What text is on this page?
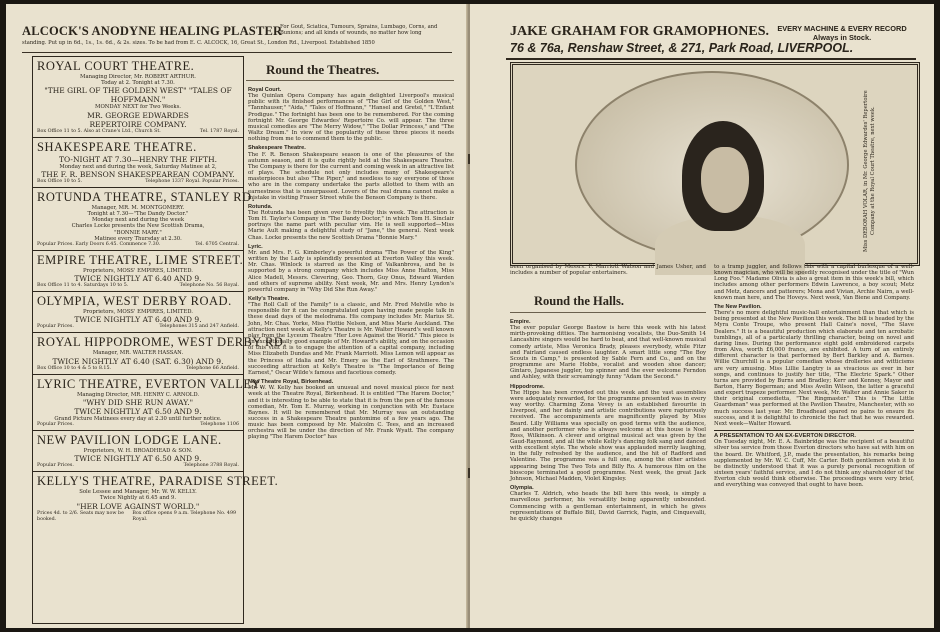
ALCOCK'S ANODYNE HEALING PLASTER
For Gout, Sciatica, Tumours, Sprains, Lumbago, Corns, and Bunions; and all kinds of wounds, no matter how long
standing. Put up in 6d., 1s., 1s. 6d., & 2s. sizes. To be had from E. C. ALCOCK, 16, Great St., London Rd., Liverpool. Established 1850
ROYAL COURT THEATRE.
Managing Director, Mr. ROBERT ARTHUR.
Today at 2. Tonight at 7.30.
"THE GIRL OF THE GOLDEN WEST" "TALES OF HOFFMANN."
MONDAY NEXT for Two Weeks.
MR. GEORGE EDWARDES
REPERTOIRE COMPANY.
Box Office 11 to 5. Also at Crane's Ltd., Church St.	Tel. 1787 Royal.
SHAKESPEARE THEATRE.
TO-NIGHT AT 7.30—HENRY THE FIFTH.
Monday next and during the week, Saturday Matinee at 2,
THE F. R. BENSON SHAKESPEAREAN COMPANY.
Box Office 10 to 5.	Telephone 1337 Royal. Popular Prices.
ROTUNDA THEATRE, STANLEY RD.
Manager, MR. M. MONTGOMERY.
Tonight at 7.30—"The Dandy Doctor."
Monday next and during the week
Charles Locke presents the New Scottish Drama,
"BONNIE MARY."
Matinee every Thursday at 2.30.
Popular Prices. Early Doors 6.45. Commence 7.30.	Tel. 6705 Central.
EMPIRE THEATRE, LIME STREET.
Proprietors, MOSS' EMPIRES, LIMITED.
TWICE NIGHTLY AT 6.40 AND 9.
Box Office 11 to 4. Saturdays 10 to 5.	Telephone No. 56 Royal.
OLYMPIA, WEST DERBY ROAD.
Proprietors, MOSS' EMPIRES, LIMITED.
TWICE NIGHTLY AT 6.40 AND 9.
Popular Prices.	Telephones 315 and 247 Anfield.
ROYAL HIPPODROME, WEST DERBY RD.
Manager, MR. WALTER HASSAN.
TWICE NIGHTLY AT 6.40 (SAT. 6.30) AND 9.
Box Office 10 to 4 & 5 to 8.15.	Telephone 66 Anfield.
LYRIC THEATRE, EVERTON VALLEY.
Managing Director, MR. HENRY C. ARNOLD.
"WHY DID SHE RUN AWAY."
TWICE NIGHTLY AT 6.50 AND 9.
Grand Picture Matinees every day at 2.30 until further notice.
Popular Prices.	Telephone 1106
NEW PAVILION LODGE LANE.
Proprietors, W. H. BROADHEAD & SON.
TWICE NIGHTLY AT 6.50 AND 9.
Popular Prices.	Telephone 3788 Royal.
KELLY'S THEATRE, PARADISE STREET.
Sole Lessee and Manager, Mr. W. W. KELLY.
Twice Nightly at 6.45 and 9.
"HER LOVE AGAINST WORLD."
Prices 4d. to 2/6. Seats may now be booked.
Box office opens 9 a.m. Telephone No. 499 Royal.
Round the Theatres.
Royal Court.
The Quinlan Opera Company has again delighted Liverpool's musical public with its finished performances of "The Girl of the Golden West," "Tannhauser," "Aida," "Tales of Hoffmann," "Hansel and Gretel," "L'Enfant Prodigue." The fortnight has been one to be remembered. For the coming fortnight Mr. George Edwardes' Repertoire Co. will appear. The three musical comedies are "The Merry Widow," "The Dollar Princess," and "The Waltz Dream." In view of the popularity of these three pieces it needs nothing from me to commend them to the public.
Shakespeare Theatre.
The F. R. Benson Shakespeare season is one of the pleasures of the autumn season, and it is quite rightly held at the Shakespeare Theatre. The Company is there for the current and coming week in an attractive list of plays. The schedule not only includes many of Shakespeare's masterpieces but also "The Piper," and needless to say everyone of those who are in the company undertake the parts allotted to them with an earnestness that is unsurpassed. Lovers of the real drama cannot make a mistake in visiting Fraser Street while the Benson Company is there.
Rotunda.
The Rotunda has been given over to frivolity this week. The attraction is Tom H. Taylor's Company in "The Dandy Doctor," in which Tom H. Sinclair portrays the name part with peculiar vim. He is well supported—Miss Marie Ault making a delightful study of "Jane," the general. Next week Chas. Locke presents the new Scottish Drama "Bonnie Mary."
Lyric.
Mr. and Mrs. F. G. Kimberley's powerful drama "The Power of the King" written by the Lady is splendidly presented at Everton Valley this week. Mr. Chas. Winlock is starred as the King of Valkanbrova, and he is supported by a strong company which includes Miss Anne Halton, Miss Alice Madell, Messrs. Clevering, Geo. Thorn, Guy Onus, Edward Warden and others of supreme ability. Next week, Mr. and Mrs. Henry Lyndon's powerful company in "Why Did She Run Away."
Kelly's Theatre.
"The Roll Call of the Family" is a classic, and Mr. Fred Melville who is responsible for it can be congratulated upon having made people talk in these dead days of the melodrama. His company includes Mr. Marius St. John, Mr. Chas. Yorke, Miss Flottie Nelson, and Miss Marie Auckland. The attraction next week at Kelly's Theatre is Mr. Walter Howard's well known play from the Lyceum Theatre "Her Love Against the World." This piece is an exceptionally good example of Mr. Howard's ability, and on the occasion of this visit it is to engage the attention of a capital company, including Miss Elizabeth Dundas and Mr. Frank Marriott. Miss Lemon will appear as the Princess of Idalia and Mr. Emery as the Earl of Strathmere. The succeeding attraction at Kelly's Theatre is "The Importance of Being Earnest," Oscar Wilde's famous and facetious comedy.
New Theatre Royal, Birkenhead.
Mr. W. W. Kelly has booked an unusual and novel musical piece for next week at the Theatre Royal, Birkenhead. It is entitled "The Harem Doctor," and it is interesting to be able to state that it is from the pen of the famous comedian, Mr. Tom E. Murray, working in conjunction with Mr. Eustace Baynes. It will be remembered that Mr. Murray was an outstanding success in a Shakespeare Theatre pantomime of a few years ago. The music has been composed by Mr. Malcolm C. Tees, and an increased orchestra will be under the direction of Mr. Frank Wyatt. The company playing "The Harem Doctor" has
JAKE GRAHAM FOR GRAMOPHONES.
76 & 76a, Renshaw Street, & 271, Park Road, LIVERPOOL.
EVERY MACHINE & EVERY RECORD Always in Stock.
Miss DEBORAH VOLAR, in Mr. George Edwardes' Repertoire Company at the Royal Court Theatre, next week.
been organised by Messrs. F. Marriott Watson and James Usher, and includes a number of popular entertainers.
Round the Halls.
Empire.
The ever popular George Bastow is here this week with his latest mirth-provoking ditties. The harmonising vocalists, the Duo-Smith 14 Lancashire singers would be hard to beat, and that well-known musical comedy artiste, Miss Veronica Brady, pleases everybody, while Fitzr and Fairland caused endless laughter. A smart little song "The Boy Scouts in Camp," is presented by Sable Fern and Co., and on the programme are Marie Hobbs, vocalist and wooden shoe dancer; Gintaro, Japanese juggler, top spinner and the ever welcome Ferndon and Ashley, with their screamingly funny "Adam the Second."
Hippodrome.
The Hippo has been crowded out this week and the vast assemblies were adequately rewarded, for the programme presented was in every way worthy. Charming Zona Vevey is an established favourite in Liverpool, and her dainty and artistic contributions were rapturously received. The accompaniments are magnificently played by Miss Beard. Lilly Williams was specially on good terms with the audience, and another performer who is always welcome at this house is Noel Ross, Wilkinson. A clever and original musical act was given by the Gaud-Raymond, and all the while Kelly's dancing folk sang and danced with excellent style. The whole show was applauded merrily laughing, in the fully refreshed by the audience, and the hit of Radford and Valentine. The programme was a full one, among the other artistes appearing being The Two Tots and Billy Ro. A humorous film on the bioscope terminated a good programme. Next week, the great Jack Johnson, Michael Madden, Violet Kingsley.
Olympia.
Charles T. Aldrich, who heads the bill here this week, is simply a marvellous performer, his versatility being apparently unbounded. Commencing with a gentleman entertainment, in which he gives representations of Buffalo Bill, David Garrick, Fagin, and Cinquevalli, he quickly changes
to a tramp juggler, and follows this with a capital burlesque of a well-known magician, who will be speedily recognised under the title of "Wun Long Foo." Madame Olivia is also a great item in this week's bill, which includes among other performers Edwin Lawrence, a boy scout; Metz and Metz, dancers and patterers; Mona and Vivian, Archie Nairn, a well-known man here, and The Hoveys. Next week, Van Biene and Company.
The New Pavilion.
There's no more delightful music-hall entertainment than that which is being presented at the New Pavilion this week. The bill is headed by the Myra Conte Troupe, who present Hall Caine's novel, "The Slave Dealers." It is a beautiful production which elaborate and ten acrobatic tumblings, all of a particularly thrilling character, being on novel and daring lines. During the performance eight gold embroidered carpets from Alva, worth £6,000 francs, are exhibited. A turn of an entirely different character is that performed by Bert Barkley and A. Barnes. Willie Churchill is a popular comedian whose drolleries and witticisms are very amusing. Miss Lillie Langtry is as vivacious as ever in her songs, and continues to justify her title, "The Electric Spark." Other turns are provided by Burns and Bradley; Kerr and Kenney, Mayor and Barton, Harry Bogerman; and Miss Avelin Wilson, the latter a graceful and expert trapeze performer. Next week, Mr. Walter and Annie Saker in their original comedietta, "The Ringmaster." This is "The Little Guardsman" was performed at the Pavilion Theatre, Manchester, with so much success last year. Mr. Broadhead spared no pains to ensure its success, and it is delightful to chronicle the fact that he was rewarded. Next week—Walter Howard.
A PRESENTATION TO AN EX-EVERTON DIRECTOR.
On Tuesday night, Mr. E. A. Bainbridge was the recipient of a beautiful silver tea service from those Everton directors who have sat with him on the board. Dr. Whitford, J.P., made the presentation, his remarks being supplemented by Mr. W. C. Cuff, Mr. Carter. Both gentlemen wish it to be distinctly understood that it was a purely personal recognition of sixteen years' faithful service, and I do not think any shareholder of the Everton club would think otherwise. The proceedings were very brief, and everything was conveyed that ought to have been.
